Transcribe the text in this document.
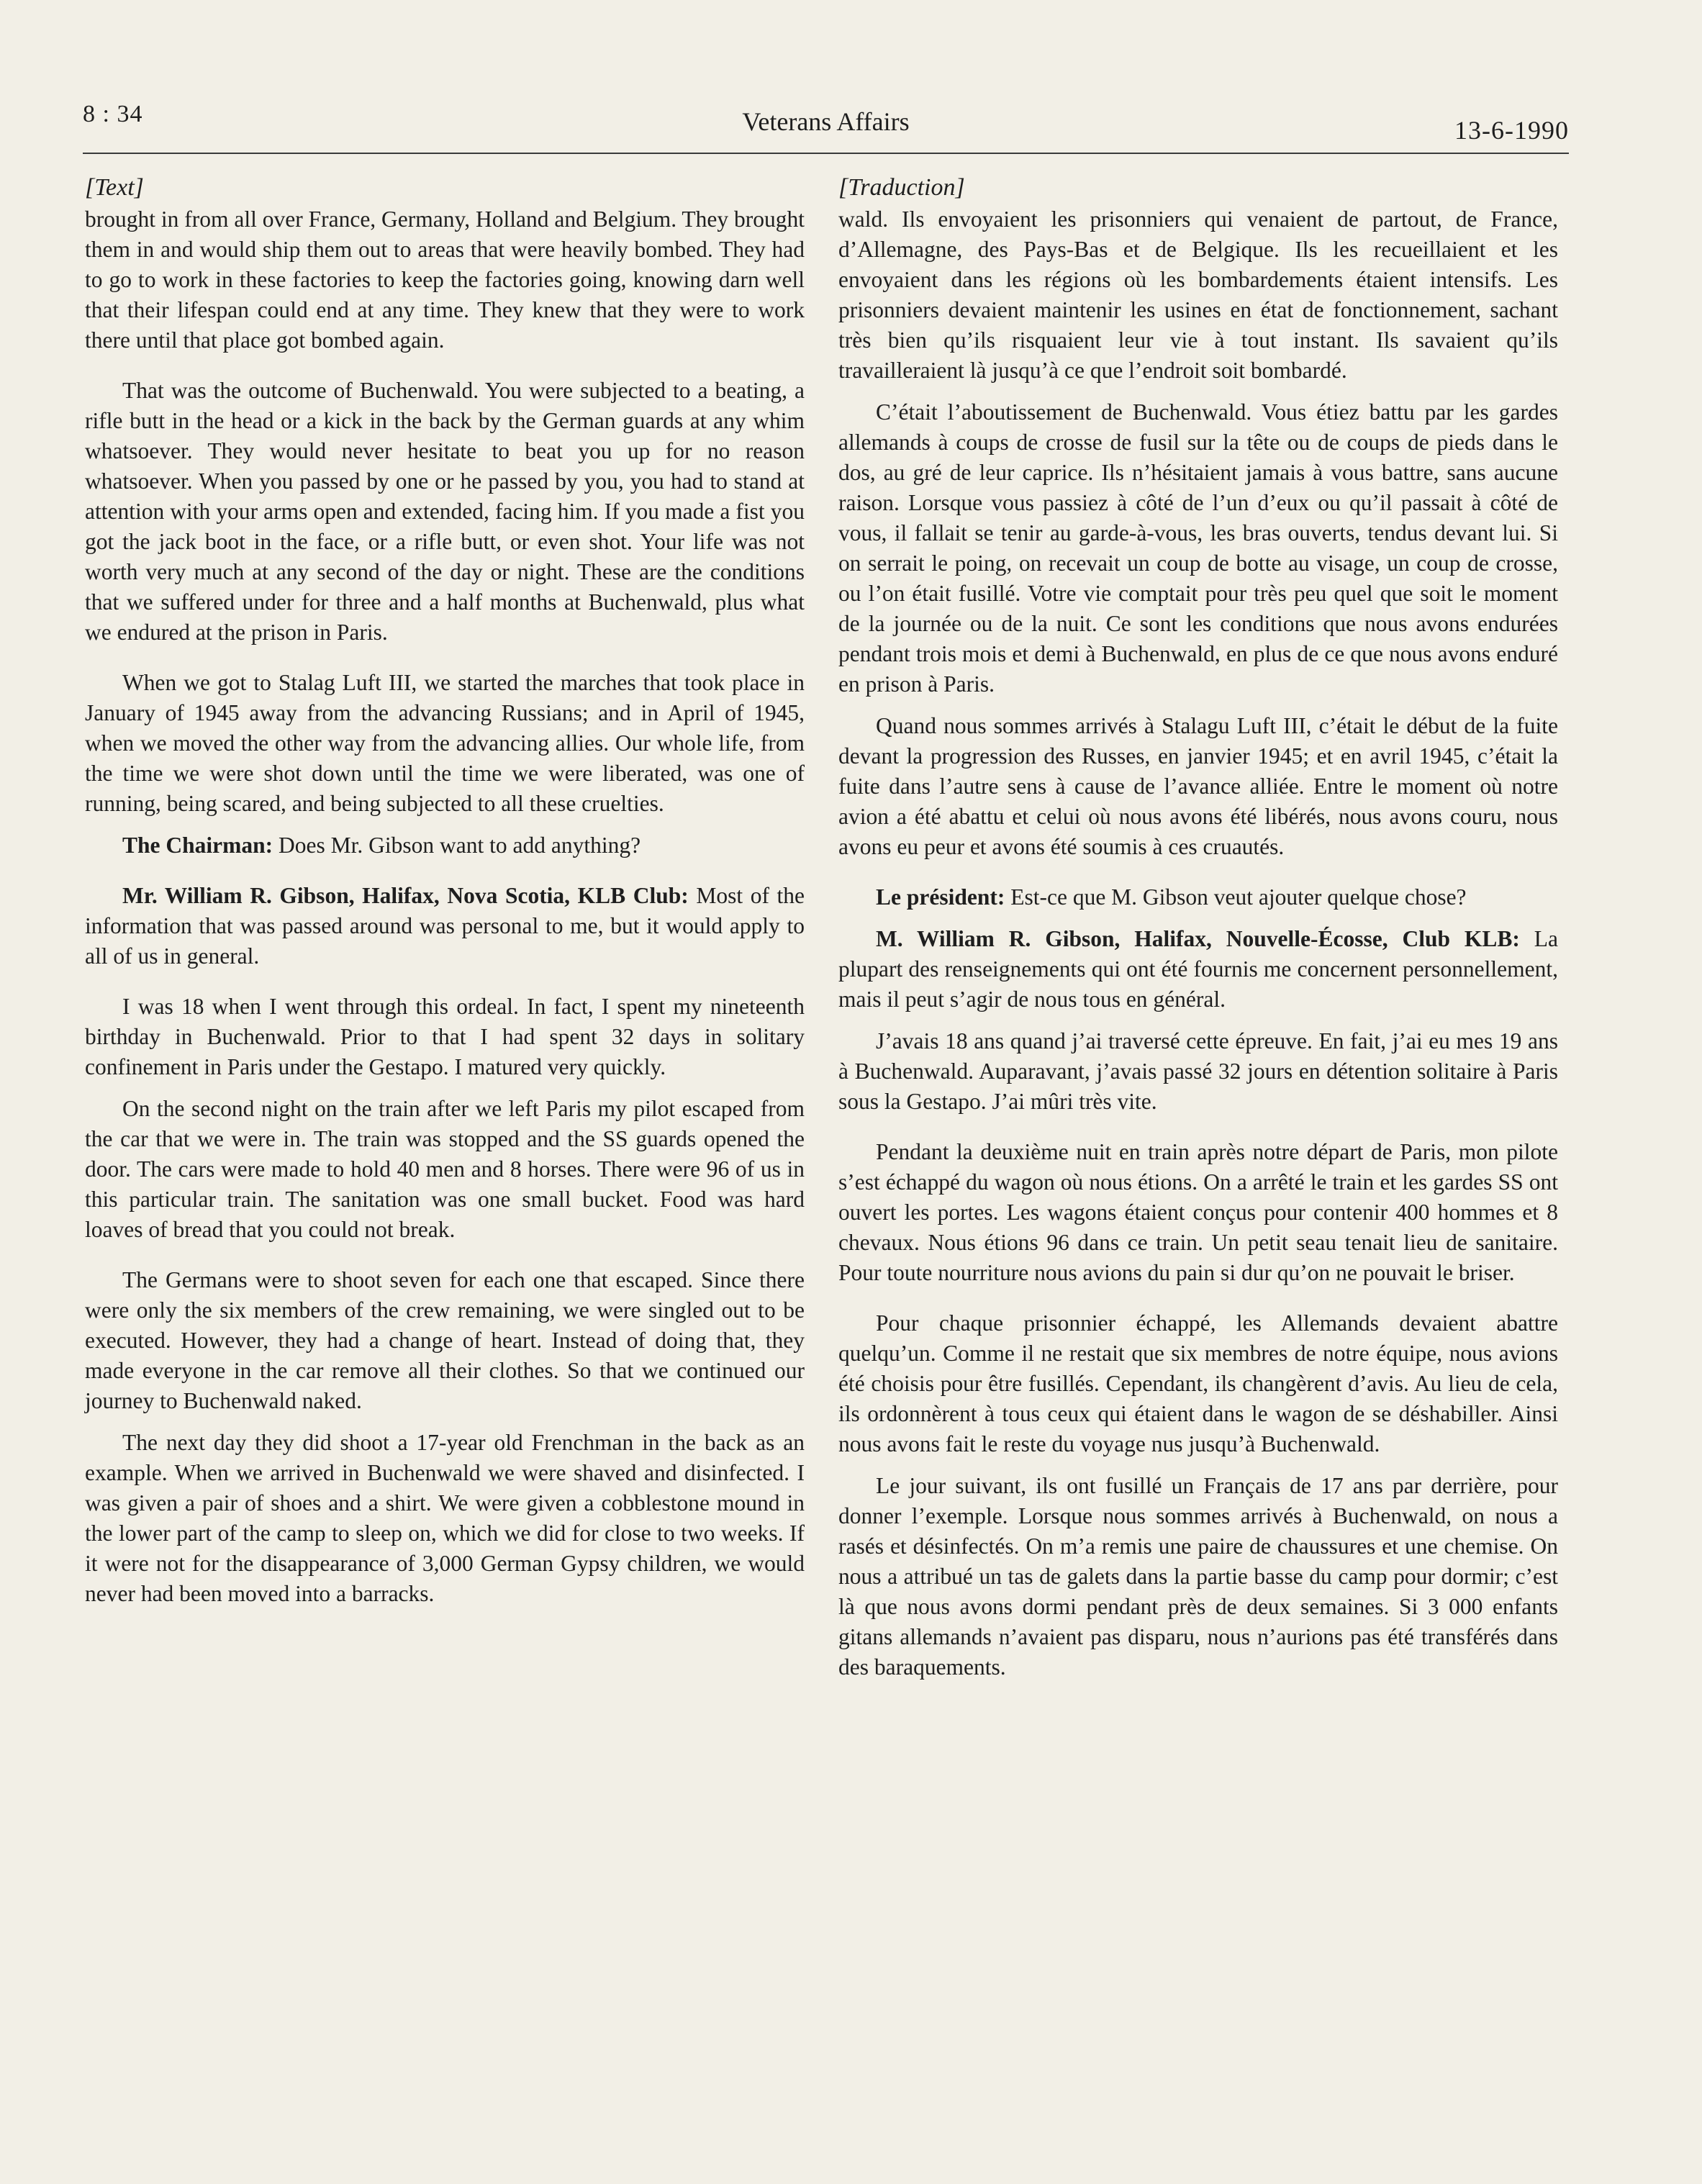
8 : 34	Veterans Affairs	13-6-1990

[Text]

brought in from all over France, Germany, Holland and Belgium. They brought them in and would ship them out to areas that were heavily bombed. They had to go to work in these factories to keep the factories going, knowing darn well that their lifespan could end at any time. They knew that they were to work there until that place got bombed again.

That was the outcome of Buchenwald. You were subjected to a beating, a rifle butt in the head or a kick in the back by the German guards at any whim whatsoever. They would never hesitate to beat you up for no reason whatsoever. When you passed by one or he passed by you, you had to stand at attention with your arms open and extended, facing him. If you made a fist you got the jack boot in the face, or a rifle butt, or even shot. Your life was not worth very much at any second of the day or night. These are the conditions that we suffered under for three and a half months at Buchenwald, plus what we endured at the prison in Paris.

When we got to Stalag Luft III, we started the marches that took place in January of 1945 away from the advancing Russians; and in April of 1945, when we moved the other way from the advancing allies. Our whole life, from the time we were shot down until the time we were liberated, was one of running, being scared, and being subjected to all these cruelties.

The Chairman: Does Mr. Gibson want to add anything?

Mr. William R. Gibson, Halifax, Nova Scotia, KLB Club: Most of the information that was passed around was personal to me, but it would apply to all of us in general.

I was 18 when I went through this ordeal. In fact, I spent my nineteenth birthday in Buchenwald. Prior to that I had spent 32 days in solitary confinement in Paris under the Gestapo. I matured very quickly.

On the second night on the train after we left Paris my pilot escaped from the car that we were in. The train was stopped and the SS guards opened the door. The cars were made to hold 40 men and 8 horses. There were 96 of us in this particular train. The sanitation was one small bucket. Food was hard loaves of bread that you could not break.

The Germans were to shoot seven for each one that escaped. Since there were only the six members of the crew remaining, we were singled out to be executed. However, they had a change of heart. Instead of doing that, they made everyone in the car remove all their clothes. So that we continued our journey to Buchenwald naked.

The next day they did shoot a 17-year old Frenchman in the back as an example. When we arrived in Buchenwald we were shaved and disinfected. I was given a pair of shoes and a shirt. We were given a cobblestone mound in the lower part of the camp to sleep on, which we did for close to two weeks. If it were not for the disappearance of 3,000 German Gypsy children, we would never had been moved into a barracks.

[Traduction]

wald. Ils envoyaient les prisonniers qui venaient de partout, de France, d’Allemagne, des Pays-Bas et de Belgique. Ils les recueillaient et les envoyaient dans les régions où les bombardements étaient intensifs. Les prisonniers devaient maintenir les usines en état de fonctionnement, sachant très bien qu’ils risquaient leur vie à tout instant. Ils savaient qu’ils travailleraient là jusqu’à ce que l’endroit soit bombardé.

C’était l’aboutissement de Buchenwald. Vous étiez battu par les gardes allemands à coups de crosse de fusil sur la tête ou de coups de pieds dans le dos, au gré de leur caprice. Ils n’hésitaient jamais à vous battre, sans aucune raison. Lorsque vous passiez à côté de l’un d’eux ou qu’il passait à côté de vous, il fallait se tenir au garde-à-vous, les bras ouverts, tendus devant lui. Si on serrait le poing, on recevait un coup de botte au visage, un coup de crosse, ou l’on était fusillé. Votre vie comptait pour très peu quel que soit le moment de la journée ou de la nuit. Ce sont les conditions que nous avons endurées pendant trois mois et demi à Buchenwald, en plus de ce que nous avons enduré en prison à Paris.

Quand nous sommes arrivés à Stalagu Luft III, c’était le début de la fuite devant la progression des Russes, en janvier 1945; et en avril 1945, c’était la fuite dans l’autre sens à cause de l’avance alliée. Entre le moment où notre avion a été abattu et celui où nous avons été libérés, nous avons couru, nous avons eu peur et avons été soumis à ces cruautés.

Le président: Est-ce que M. Gibson veut ajouter quelque chose?

M. William R. Gibson, Halifax, Nouvelle-Écosse, Club KLB: La plupart des renseignements qui ont été fournis me concernent personnellement, mais il peut s’agir de nous tous en général.

J’avais 18 ans quand j’ai traversé cette épreuve. En fait, j’ai eu mes 19 ans à Buchenwald. Auparavant, j’avais passé 32 jours en détention solitaire à Paris sous la Gestapo. J’ai mûri très vite.

Pendant la deuxième nuit en train après notre départ de Paris, mon pilote s’est échappé du wagon où nous étions. On a arrêté le train et les gardes SS ont ouvert les portes. Les wagons étaient conçus pour contenir 400 hommes et 8 chevaux. Nous étions 96 dans ce train. Un petit seau tenait lieu de sanitaire. Pour toute nourriture nous avions du pain si dur qu’on ne pouvait le briser.

Pour chaque prisonnier échappé, les Allemands devaient abattre quelqu’un. Comme il ne restait que six membres de notre équipe, nous avions été choisis pour être fusillés. Cependant, ils changèrent d’avis. Au lieu de cela, ils ordonnèrent à tous ceux qui étaient dans le wagon de se déshabiller. Ainsi nous avons fait le reste du voyage nus jusqu’à Buchenwald.

Le jour suivant, ils ont fusillé un Français de 17 ans par derrière, pour donner l’exemple. Lorsque nous sommes arrivés à Buchenwald, on nous a rasés et désinfectés. On m’a remis une paire de chaussures et une chemise. On nous a attribué un tas de galets dans la partie basse du camp pour dormir; c’est là que nous avons dormi pendant près de deux semaines. Si 3 000 enfants gitans allemands n’avaient pas disparu, nous n’aurions pas été transférés dans des baraquements.
